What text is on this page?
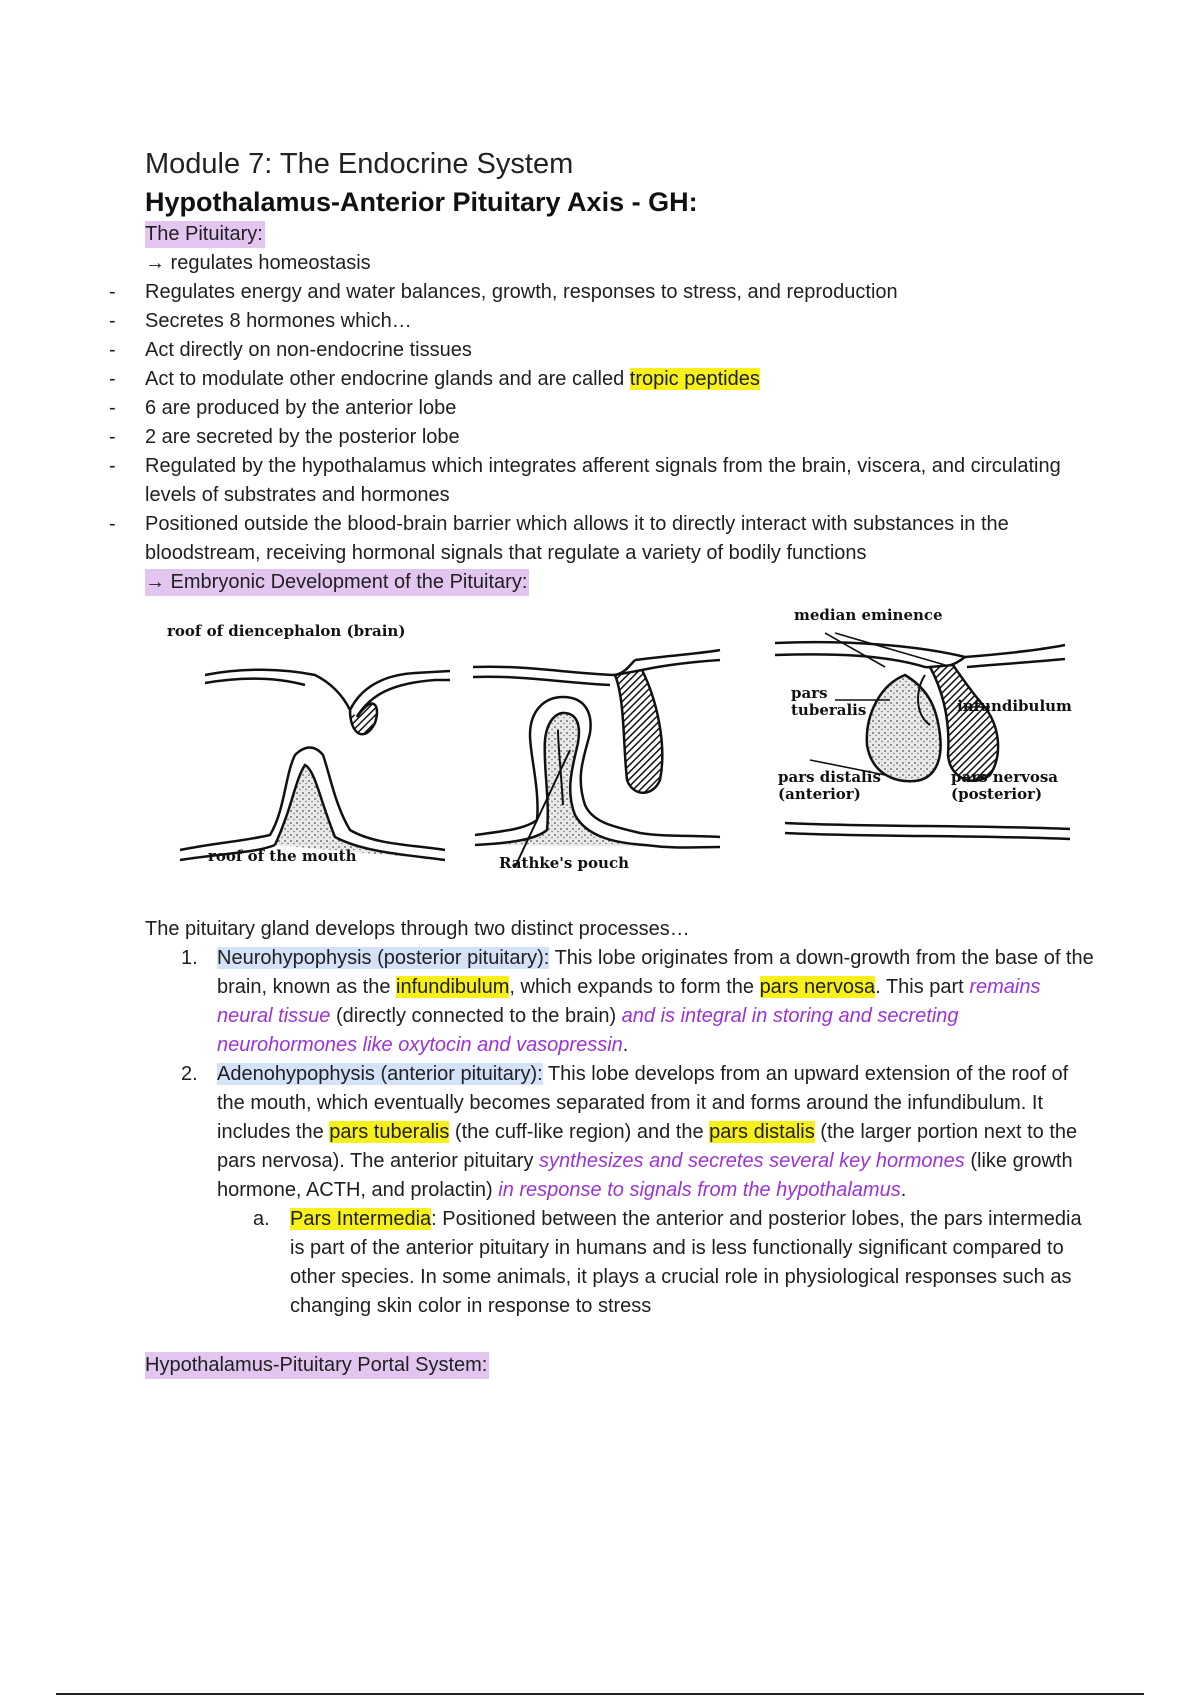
Module 7: The Endocrine System
Hypothalamus-Anterior Pituitary Axis - GH:
The Pituitary:
→ regulates homeostasis
- Regulates energy and water balances, growth, responses to stress, and reproduction
- Secretes 8 hormones which…
- Act directly on non-endocrine tissues
- Act to modulate other endocrine glands and are called tropic peptides
- 6 are produced by the anterior lobe
- 2 are secreted by the posterior lobe
- Regulated by the hypothalamus which integrates afferent signals from the brain, viscera, and circulating levels of substrates and hormones
- Positioned outside the blood-brain barrier which allows it to directly interact with substances in the bloodstream, receiving hormonal signals that regulate a variety of bodily functions
→ Embryonic Development of the Pituitary:
roof of diencephalon (brain)
roof of the mouth	Rathke's pouch
median eminence
pars
tuberalis	infundibulum
pars distalis
(anterior)
pars nervosa
(posterior)
The pituitary gland develops through two distinct processes…
1. Neurohypophysis (posterior pituitary): This lobe originates from a down-growth from the base of the brain, known as the infundibulum, which expands to form the pars nervosa. This part remains neural tissue (directly connected to the brain) and is integral in storing and secreting neurohormones like oxytocin and vasopressin.
2. Adenohypophysis (anterior pituitary): This lobe develops from an upward extension of the roof of the mouth, which eventually becomes separated from it and forms around the infundibulum. It includes the pars tuberalis (the cuff-like region) and the pars distalis (the larger portion next to the pars nervosa). The anterior pituitary synthesizes and secretes several key hormones (like growth hormone, ACTH, and prolactin) in response to signals from the hypothalamus.
a. Pars Intermedia: Positioned between the anterior and posterior lobes, the pars intermedia is part of the anterior pituitary in humans and is less functionally significant compared to other species. In some animals, it plays a crucial role in physiological responses such as changing skin color in response to stress
Hypothalamus-Pituitary Portal System:
